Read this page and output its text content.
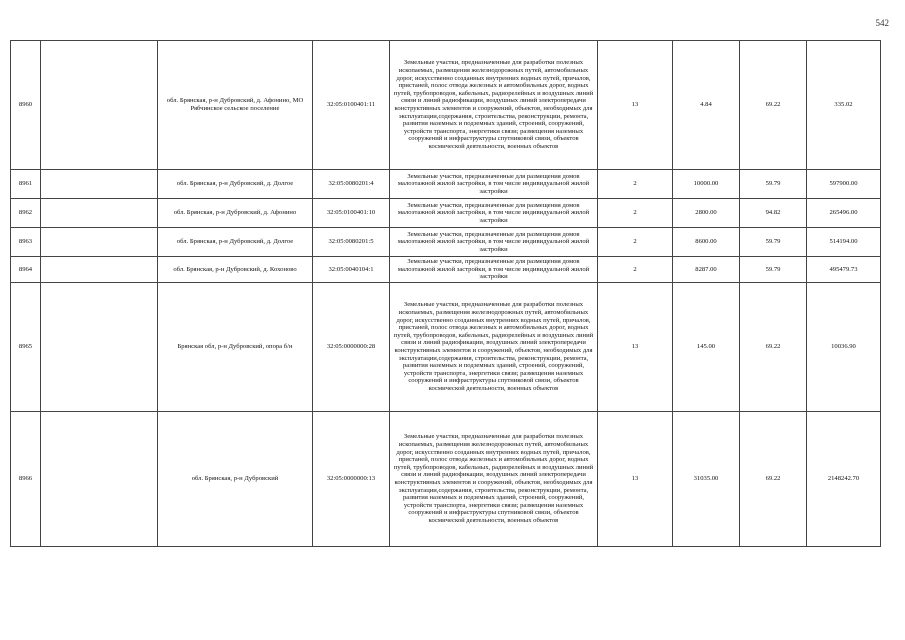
542
8960		обл. Брянская, р-н Дубровский, д. Афонино, МО Рябчинское сельское поселение	32:05:0100401:11	Земельные участки, предназначенные для разработки полезных ископаемых, размещения железнодорожных путей, автомобильных дорог, искусственно созданных внутренних водных путей, причалов, пристаней, полос отвода железных и автомобильных дорог, водных путей, трубопроводов, кабельных, радиорелейных и воздушных линий связи и линий радиофикации, воздушных линий электропередачи конструктивных элементов и сооружений, объектов, необходимых для эксплуатации,содержания, строительства, реконструкции, ремонта, развития наземных и подземных зданий, строений, сооружений, устройств транспорта, энергетики связи; размещения наземных сооружений и инфраструктуры спутниковой связи, объектов космической деятельности, военных объектов	13	4.84	69.22	335.02
8961		обл. Брянская, р-н Дубровский, д. Долгое	32:05:0080201:4	Земельные участки, предназначенные для размещения домов малоэтажной жилой застройки, в том числе индивидуальной жилой застройки	2	10000.00	59.79	597900.00
8962		обл. Брянская, р-н Дубровский, д. Афонино	32:05:0100401:10	Земельные участки, предназначенные для размещения домов малоэтажной жилой застройки, в том числе индивидуальной жилой застройки	2	2800.00	94.82	265496.00
8963		обл. Брянская, р-н Дубровский, д. Долгое	32:05:0080201:5	Земельные участки, предназначенные для размещения домов малоэтажной жилой застройки, в том числе индивидуальной жилой застройки	2	8600.00	59.79	514194.00
8964		обл. Брянская, р-н Дубровский, д. Кохоново	32:05:0040104:1	Земельные участки, предназначенные для размещения домов малоэтажной жилой застройки, в том числе индивидуальной жилой застройки	2	8287.00	59.79	495479.73
8965		Брянская обл, р-н Дубровский, опора б/н	32:05:0000000:28	Земельные участки, предназначенные для разработки полезных ископаемых, размещения железнодорожных путей, автомобильных дорог, искусственно созданных внутренних водных путей, причалов, пристаней, полос отвода железных и автомобильных дорог, водных путей, трубопроводов, кабельных, радиорелейных и воздушных линий связи и линий радиофикации, воздушных линий электропередачи конструктивных элементов и сооружений, объектов, необходимых для эксплуатации,содержания, строительства, реконструкции, ремонта, развития наземных и подземных зданий, строений, сооружений, устройств транспорта, энергетики связи; размещения наземных сооружений и инфраструктуры спутниковой связи, объектов космической деятельности, военных объектов	13	145.00	69.22	10036.90
8966		обл. Брянская, р-н Дубровский	32:05:0000000:13	Земельные участки, предназначенные для разработки полезных ископаемых, размещения железнодорожных путей, автомобильных дорог, искусственно созданных внутренних водных путей, причалов, пристаней, полос отвода железных и автомобильных дорог, водных путей, трубопроводов, кабельных, радиорелейных и воздушных линий связи и линий радиофикации, воздушных линий электропередачи конструктивных элементов и сооружений, объектов, необходимых для эксплуатации,содержания, строительства, реконструкции, ремонта, развития наземных и подземных зданий, строений, сооружений, устройств транспорта, энергетики связи; размещения наземных сооружений и инфраструктуры спутниковой связи, объектов космической деятельности, военных объектов	13	31035.00	69.22	2148242.70
